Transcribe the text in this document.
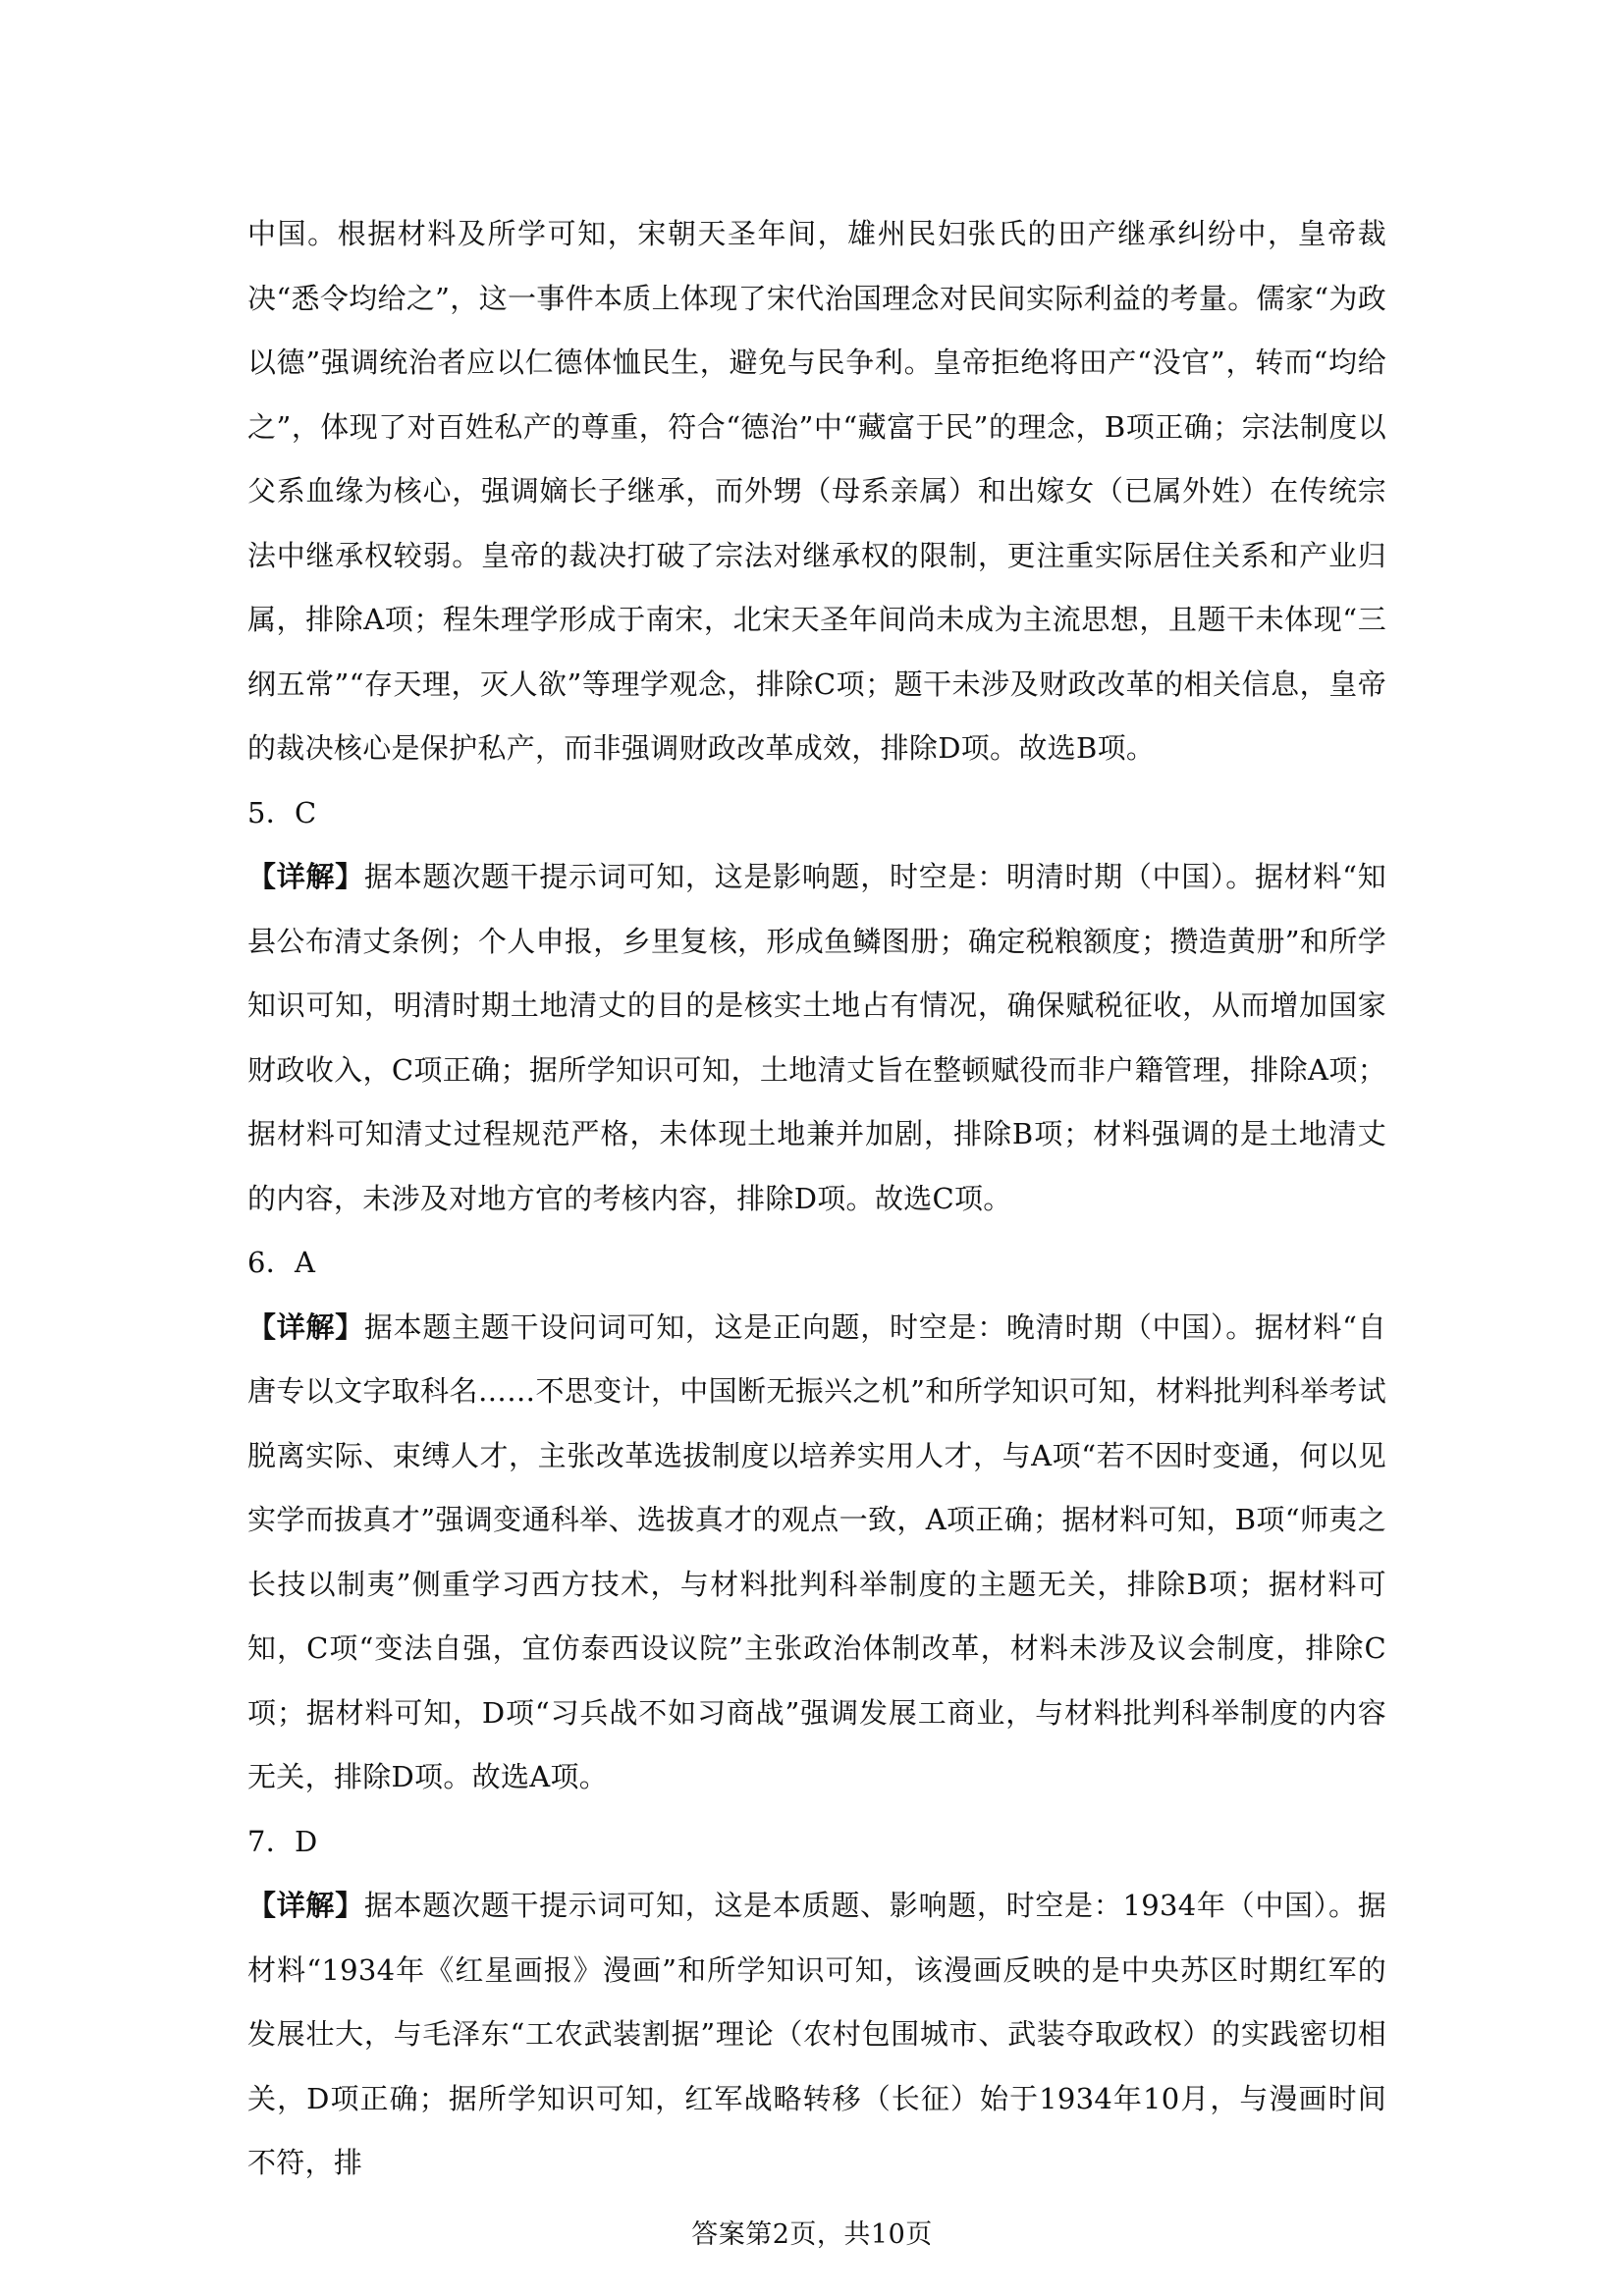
中国。根据材料及所学可知，宋朝天圣年间，雄州民妇张氏的田产继承纠纷中，皇帝裁决“悉令均给之”，这一事件本质上体现了宋代治国理念对民间实际利益的考量。儒家“为政以德”强调统治者应以仁德体恤民生，避免与民争利。皇帝拒绝将田产“没官”，转而“均给之”，体现了对百姓私产的尊重，符合“德治”中“藏富于民”的理念，B项正确；宗法制度以父系血缘为核心，强调嫡长子继承，而外甥（母系亲属）和出嫁女（已属外姓）在传统宗法中继承权较弱。皇帝的裁决打破了宗法对继承权的限制，更注重实际居住关系和产业归属，排除A项；程朱理学形成于南宋，北宋天圣年间尚未成为主流思想，且题干未体现“三纲五常”“存天理，灭人欲”等理学观念，排除C项；题干未涉及财政改革的相关信息，皇帝的裁决核心是保护私产，而非强调财政改革成效，排除D项。故选B项。

5．C

【详解】据本题次题干提示词可知，这是影响题，时空是：明清时期（中国）。据材料“知县公布清丈条例；个人申报，乡里复核，形成鱼鳞图册；确定税粮额度；攒造黄册”和所学知识可知，明清时期土地清丈的目的是核实土地占有情况，确保赋税征收，从而增加国家财政收入，C项正确；据所学知识可知，土地清丈旨在整顿赋役而非户籍管理，排除A项；据材料可知清丈过程规范严格，未体现土地兼并加剧，排除B项；材料强调的是土地清丈的内容，未涉及对地方官的考核内容，排除D项。故选C项。

6．A

【详解】据本题主题干设问词可知，这是正向题，时空是：晚清时期（中国）。据材料“自唐专以文字取科名……不思变计，中国断无振兴之机”和所学知识可知，材料批判科举考试脱离实际、束缚人才，主张改革选拔制度以培养实用人才，与A项“若不因时变通，何以见实学而拔真才”强调变通科举、选拔真才的观点一致，A项正确；据材料可知，B项“师夷之长技以制夷”侧重学习西方技术，与材料批判科举制度的主题无关，排除B项；据材料可知，C项“变法自强，宜仿泰西设议院”主张政治体制改革，材料未涉及议会制度，排除C项；据材料可知，D项“习兵战不如习商战”强调发展工商业，与材料批判科举制度的内容无关，排除D项。故选A项。

7．D

【详解】据本题次题干提示词可知，这是本质题、影响题，时空是：1934年（中国）。据材料“1934年《红星画报》漫画”和所学知识可知，该漫画反映的是中央苏区时期红军的发展壮大，与毛泽东“工农武装割据”理论（农村包围城市、武装夺取政权）的实践密切相关，D项正确；据所学知识可知，红军战略转移（长征）始于1934年10月，与漫画时间不符，排

答案第2页，共10页
